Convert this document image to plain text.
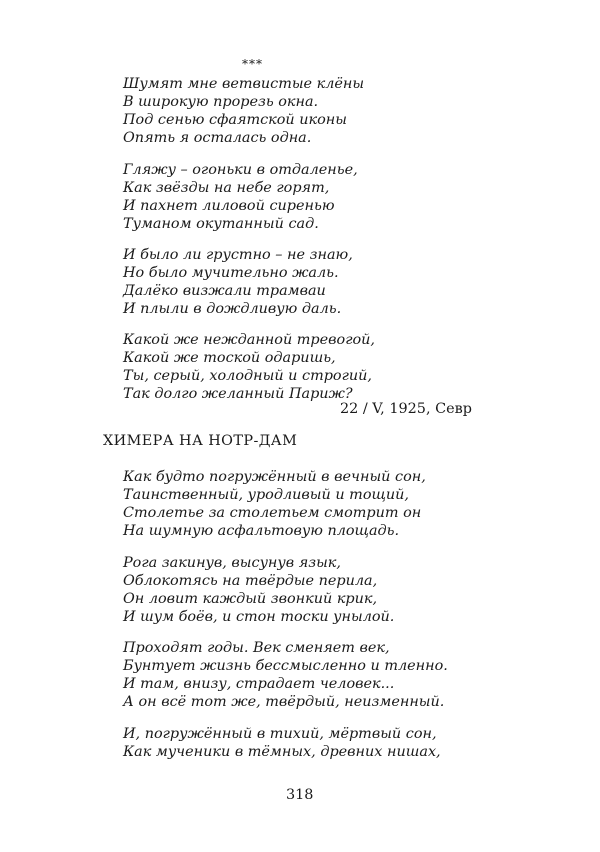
***
Шумят мне ветвистые клёны
В широкую прорезь окна.
Под сенью сфаятской иконы
Опять я осталась одна.
Гляжу – огоньки в отдаленье,
Как звёзды на небе горят,
И пахнет лиловой сиренью
Туманом окутанный сад.
И было ли грустно – не знаю,
Но было мучительно жаль.
Далёко визжали трамваи
И плыли в дождливую даль.
Какой же нежданной тревогой,
Какой же тоской одаришь,
Ты, серый, холодный и строгий,
Так долго желанный Париж?
22 / V, 1925, Севр
ХИМЕРА НА НОТР-ДАМ
Как будто погружённый в вечный сон,
Таинственный, уродливый и тощий,
Столетье за столетьем смотрит он
На шумную асфальтовую площадь.
Рога закинув, высунув язык,
Облокотясь на твёрдые перила,
Он ловит каждый звонкий крик,
И шум боёв, и стон тоски унылой.
Проходят годы. Век сменяет век,
Бунтует жизнь бессмысленно и тленно.
И там, внизу, страдает человек...
А он всё тот же, твёрдый, неизменный.
И, погружённый в тихий, мёртвый сон,
Как мученики в тёмных, древних нишах,
318
